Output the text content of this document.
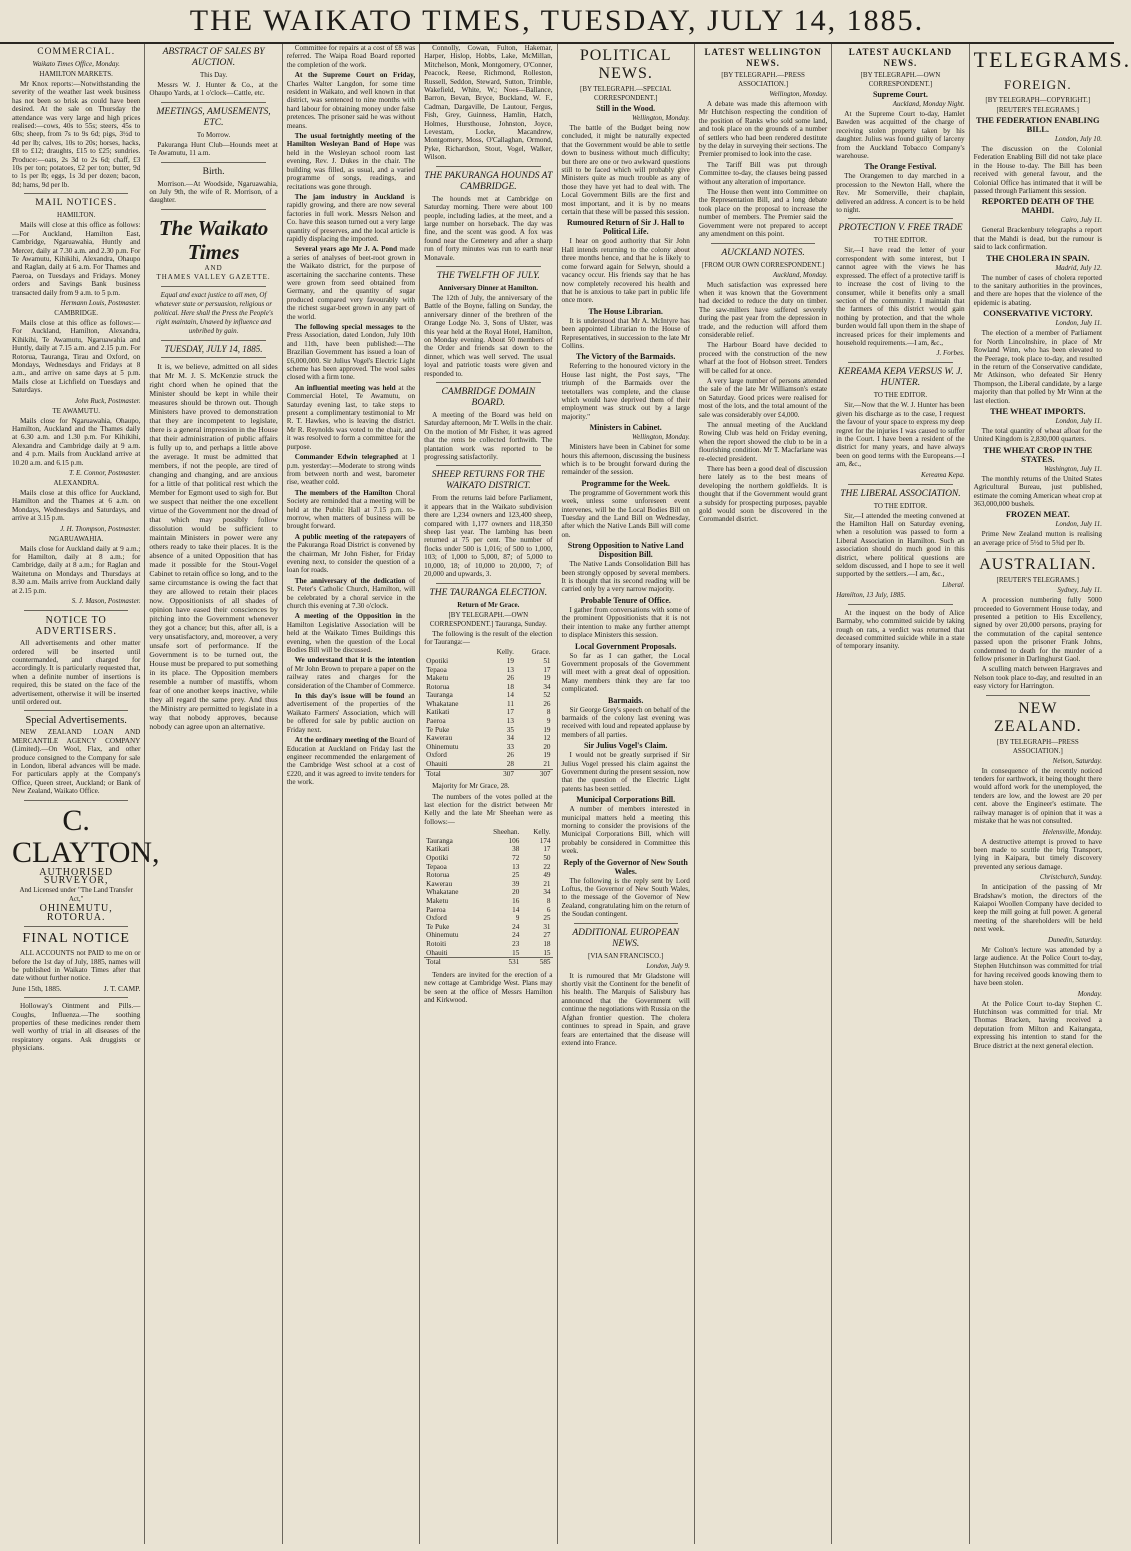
THE WAIKATO TIMES, TUESDAY, JULY 14, 1885.
COMMERCIAL.
Waikato Times Office, Monday.
HAMILTON MARKETS.

Mr Knox reports:—Notwithstanding the severity of the weather last week business has not been so brisk as could have been desired. At the sale on Thursday the attendance was very large and high prices realised:—cows, 40s to 55s; steers, 45s to 60s; sheep, from 7s to 9s 6d; pigs, 3½d to 4d per lb; calves, 10s to 20s; horses, hacks, £8 to £12; draughts, £15 to £25; sundries. Produce:—oats, 2s 3d to 2s 6d; chaff, £3 10s per ton; potatoes, £2 per ton; butter, 9d to 1s per lb; eggs, 1s 3d per dozen; bacon, 8d; hams, 9d per lb.

MAIL NOTICES.
HAMILTON.

Mails will close at this office as follows:—For Auckland, Hamilton East, Cambridge, Ngaruawahia, Huntly and Mercer, daily at 7.30 a.m. and 2.30 p.m. For Te Awamutu, Kihikihi, Alexandra, Ohaupo and Raglan, daily at 6 a.m. For Thames and Paeroa, on Tuesdays and Fridays. Money orders and Savings Bank business transacted daily from 9 a.m. to 5 p.m.

Hermann Louis, Postmaster.
CAMBRIDGE.

Mails close at this office as follows:—For Auckland, Hamilton, Alexandra, Kihikihi, Te Awamutu, Ngaruawahia and Huntly, daily at 7.15 a.m. and 2.15 p.m. For Rotorua, Tauranga, Tirau and Oxford, on Mondays, Wednesdays and Fridays at 8 a.m., and arrive on same days at 5 p.m. Mails close at Lichfield on Tuesdays and Saturdays.

John Ruck, Postmaster.
TE AWAMUTU.

Mails close for Ngaruawahia, Ohaupo, Hamilton, Auckland and the Thames daily at 6.30 a.m. and 1.30 p.m. For Kihikihi, Alexandra and Cambridge daily at 9 a.m. and 4 p.m. Mails from Auckland arrive at 10.20 a.m. and 6.15 p.m.

T. E. Connor, Postmaster.
ALEXANDRA.

Mails close at this office for Auckland, Hamilton and the Thames at 6 a.m. on Mondays, Wednesdays and Saturdays, and arrive at 3.15 p.m.

J. H. Thompson, Postmaster.
NGARUAWAHIA.

Mails close for Auckland daily at 9 a.m.; for Hamilton, daily at 8 a.m.; for Cambridge, daily at 8 a.m.; for Raglan and Waitetuna on Mondays and Thursdays at 8.30 a.m. Mails arrive from Auckland daily at 2.15 p.m.

S. J. Mason, Postmaster.
NOTICE TO ADVERTISERS.

All advertisements and other matter ordered will be inserted until countermanded, and charged for accordingly. It is particularly requested that, when a definite number of insertions is required, this be stated on the face of the advertisement, otherwise it will be inserted until ordered out.

Special Advertisements.

NEW ZEALAND LOAN AND MERCANTILE AGENCY COMPANY (Limited).—On Wool, Flax, and other produce consigned to the Company for sale in London, liberal advances will be made. For particulars apply at the Company's Office, Queen street, Auckland; or Bank of New Zealand, Waikato Office.

C. CLAYTON,
AUTHORISED SURVEYOR,
And Licensed under "The Land Transfer Act,"
OHINEMUTU, ROTORUA.
FINAL NOTICE

ALL ACCOUNTS not PAID to me on or before the 1st day of July, 1885, names will be published in Waikato Times after that date without further notice.

June 15th, 1885.	J. T. CAMP.

Holloway's Ointment and Pills.—Coughs, Influenza.—The soothing properties of these medicines render them well worthy of trial in all diseases of the respiratory organs. Ask druggists or physicians.

ABSTRACT OF SALES BY AUCTION.
This Day.

Messrs W. J. Hunter & Co., at the Ohaupo Yards, at 1 o'clock—Cattle, etc.

MEETINGS, AMUSEMENTS, ETC.
To Morrow.

Pakuranga Hunt Club—Hounds meet at Te Awamutu, 11 a.m.

Birth.

Morrison.—At Woodside, Ngaruawahia, on July 9th, the wife of R. Morrison, of a daughter.

The Waikato Times
AND
THAMES VALLEY GAZETTE.

Equal and exact justice to all men, Of whatever state or persuasion, religious or political. Here shall the Press the People's right maintain, Unawed by influence and unbribed by gain.

TUESDAY, JULY 14, 1885.

It is, we believe, admitted on all sides that Mr M. J. S. McKenzie struck the right chord when he opined that the Minister should be kept in while their measures should be thrown out. Though Ministers have proved to demonstration that they are incompetent to legislate, there is a general impression in the House that their administration of public affairs is fully up to, and perhaps a little above the average. It must be admitted that members, if not the people, are tired of changing and changing, and are anxious for a little of that political rest which the Member for Egmont used to sigh for. But we suspect that neither the one excellent virtue of the Government nor the dread of that which may possibly follow dissolution would be sufficient to maintain Ministers in power were any others ready to take their places. It is the absence of a united Opposition that has made it possible for the Stout-Vogel Cabinet to retain office so long, and to the same circumstance is owing the fact that they are allowed to retain their places now. Oppositionists of all shades of opinion have eased their consciences by pitching into the Government whenever they got a chance; but this, after all, is a very unsatisfactory, and, moreover, a very unsafe sort of performance. If the Government is to be turned out, the House must be prepared to put something in its place. The Opposition members resemble a number of mastiffs, whom fear of one another keeps inactive, while they all regard the same prey. And thus the Ministry are permitted to legislate in a way that nobody approves, because nobody can agree upon an alternative.

Committee for repairs at a cost of £8 was referred. The Waipa Road Board reported the completion of the work.

At the Supreme Court on Friday, Charles Walter Langdon, for some time resident in Waikato, and well known in that district, was sentenced to nine months with hard labour for obtaining money under false pretences. The prisoner said he was without means.

The usual fortnightly meeting of the Hamilton Wesleyan Band of Hope was held in the Wesleyan school room last evening, Rev. J. Dukes in the chair. The building was filled, as usual, and a varied programme of songs, readings, and recitations was gone through.

The jam industry in Auckland is rapidly growing, and there are now several factories in full work. Messrs Nelson and Co. have this season turned out a very large quantity of preserves, and the local article is rapidly displacing the imported.

Several years ago Mr J. A. Pond made a series of analyses of beet-root grown in the Waikato district, for the purpose of ascertaining the saccharine contents. These were grown from seed obtained from Germany, and the quantity of sugar produced compared very favourably with the richest sugar-beet grown in any part of the world.

The following special messages to the Press Association, dated London, July 10th and 11th, have been published:—The Brazilian Government has issued a loan of £6,000,000. Sir Julius Vogel's Electric Light scheme has been approved. The wool sales closed with a firm tone.

An influential meeting was held at the Commercial Hotel, Te Awamutu, on Saturday evening last, to take steps to present a complimentary testimonial to Mr R. T. Hawkes, who is leaving the district. Mr R. Reynolds was voted to the chair, and it was resolved to form a committee for the purpose.

Commander Edwin telegraphed at 1 p.m. yesterday:—Moderate to strong winds from between north and west, barometer rise, weather cold.

The members of the Hamilton Choral Society are reminded that a meeting will be held at the Public Hall at 7.15 p.m. to-morrow, when matters of business will be brought forward.

A public meeting of the ratepayers of the Pakuranga Road District is convened by the chairman, Mr John Fisher, for Friday evening next, to consider the question of a loan for roads.

The anniversary of the dedication of St. Peter's Catholic Church, Hamilton, will be celebrated by a choral service in the church this evening at 7.30 o'clock.

A meeting of the Opposition in the Hamilton Legislative Association will be held at the Waikato Times Buildings this evening, when the question of the Local Bodies Bill will be discussed.

We understand that it is the intention of Mr John Brown to prepare a paper on the railway rates and charges for the consideration of the Chamber of Commerce.

In this day's issue will be found an advertisement of the properties of the Waikato Farmers' Association, which will be offered for sale by public auction on Friday next.

At the ordinary meeting of the Board of Education at Auckland on Friday last the engineer recommended the enlargement of the Cambridge West school at a cost of £220, and it was agreed to invite tenders for the work.

Connolly, Cowan, Fulton, Hakemar, Harper, Hislop, Hobbs, Lake, McMillan, Mitchelson, Monk, Montgomery, O'Conner, Peacock, Reese, Richmond, Rolleston, Russell, Seddon, Steward, Sutton, Trimble, Wakefield, White, W.; Noes—Ballance, Barron, Bevan, Bryce, Buckland, W. F., Cadman, Dargaville, De Lautour, Fergus, Fish, Grey, Guinness, Hamlin, Hatch, Holmes, Hursthouse, Johnston, Joyce, Levestam, Locke, Macandrew, Montgomery, Moss, O'Callaghan, Ormond, Pyke, Richardson, Stout, Vogel, Walker, Wilson.

THE PAKURANGA HOUNDS AT CAMBRIDGE.

The hounds met at Cambridge on Saturday morning. There were about 100 people, including ladies, at the meet, and a large number on horseback. The day was fine, and the scent was good. A fox was found near the Cemetery and after a sharp run of forty minutes was run to earth near Monavale.

THE TWELFTH OF JULY.
Anniversary Dinner at Hamilton.

The 12th of July, the anniversary of the Battle of the Boyne, falling on Sunday, the anniversary dinner of the brethren of the Orange Lodge No. 3, Sons of Ulster, was this year held at the Royal Hotel, Hamilton, on Monday evening. About 50 members of the Order and friends sat down to the dinner, which was well served. The usual loyal and patriotic toasts were given and responded to.

CAMBRIDGE DOMAIN BOARD.

A meeting of the Board was held on Saturday afternoon, Mr T. Wells in the chair. On the motion of Mr Fisher, it was agreed that the rents be collected forthwith. The plantation work was reported to be progressing satisfactorily.

SHEEP RETURNS FOR THE WAIKATO DISTRICT.

From the returns laid before Parliament, it appears that in the Waikato subdivision there are 1,234 owners and 123,400 sheep, compared with 1,177 owners and 118,350 sheep last year. The lambing has been returned at 75 per cent. The number of flocks under 500 is 1,016; of 500 to 1,000, 103; of 1,000 to 5,000, 87; of 5,000 to 10,000, 18; of 10,000 to 20,000, 7; of 20,000 and upwards, 3.

THE TAURANGA ELECTION.
Return of Mr Grace.
[BY TELEGRAPH.—OWN CORRESPONDENT.] Tauranga, Sunday.

The following is the result of the election for Tauranga:—

	Kelly.	Grace.
Opotiki	19	51
Tepaoa	13	17
Maketu	26	19
Rotorua	18	34
Tauranga	14	52
Whakatane	11	26
Katikati	17	8
Paeroa	13	9
Te Puke	35	19
Kawerau	34	12
Ohinemutu	33	20
Oxford	26	19
Ohauiti	28	21
Total	307	307

Majority for Mr Grace, 28.

The numbers of the votes polled at the last election for the district between Mr Kelly and the late Mr Sheehan were as follows:—

	Sheehan.	Kelly.
Tauranga	106	174
Katikati	38	17
Opotiki	72	50
Tepaoa	13	22
Rotorua	25	49
Kawerau	39	21
Whakatane	20	34
Maketu	16	8
Paeroa	14	6
Oxford	9	25
Te Puke	24	31
Ohinemutu	24	27
Rotoiti	23	18
Ohauiti	15	15
Total	531	585

Tenders are invited for the erection of a new cottage at Cambridge West. Plans may be seen at the office of Messrs Hamilton and Kirkwood.

POLITICAL NEWS.
[BY TELEGRAPH.—SPECIAL CORRESPONDENT.]
Still in the Wood.
Wellington, Monday.

The battle of the Budget being now concluded, it might be naturally expected that the Government would be able to settle down to business without much difficulty; but there are one or two awkward questions still to be faced which will probably give Ministers quite as much trouble as any of those they have yet had to deal with. The Local Government Bills are the first and most important, and it is by no means certain that these will be passed this session.

Rumoured Return of Sir J. Hall to Political Life.

I hear on good authority that Sir John Hall intends returning to the colony about three months hence, and that he is likely to come forward again for Selwyn, should a vacancy occur. His friends say that he has now completely recovered his health and that he is anxious to take part in public life once more.

The House Librarian.

It is understood that Mr A. McIntyre has been appointed Librarian to the House of Representatives, in succession to the late Mr Collins.

The Victory of the Barmaids.

Referring to the honoured victory in the House last night, the Post says, "The triumph of the Barmaids over the teetotallers was complete, and the clause which would have deprived them of their employment was struck out by a large majority."

Ministers in Cabinet.
Wellington, Monday.

Ministers have been in Cabinet for some hours this afternoon, discussing the business which is to be brought forward during the remainder of the session.

Programme for the Week.

The programme of Government work this week, unless some unforeseen event intervenes, will be the Local Bodies Bill on Tuesday and the Land Bill on Wednesday, after which the Native Lands Bill will come on.

Strong Opposition to Native Land Disposition Bill.

The Native Lands Consolidation Bill has been strongly opposed by several members. It is thought that its second reading will be carried only by a very narrow majority.

Probable Tenure of Office.

I gather from conversations with some of the prominent Oppositionists that it is not their intention to make any further attempt to displace Ministers this session.

Local Government Proposals.

So far as I can gather, the Local Government proposals of the Government will meet with a great deal of opposition. Many members think they are far too complicated.

Barmaids.

Sir George Grey's speech on behalf of the barmaids of the colony last evening was received with loud and repeated applause by members of all parties.

Sir Julius Vogel's Claim.

I would not be greatly surprised if Sir Julius Vogel pressed his claim against the Government during the present session, now that the question of the Electric Light patents has been settled.

Municipal Corporations Bill.

A number of members interested in municipal matters held a meeting this morning to consider the provisions of the Municipal Corporations Bill, which will probably be considered in Committee this week.

Reply of the Governor of New South Wales.

The following is the reply sent by Lord Loftus, the Governor of New South Wales, to the message of the Governor of New Zealand, congratulating him on the return of the Soudan contingent.

ADDITIONAL EUROPEAN NEWS.
[VIA SAN FRANCISCO.]
London, July 9.

It is rumoured that Mr Gladstone will shortly visit the Continent for the benefit of his health. The Marquis of Salisbury has announced that the Government will continue the negotiations with Russia on the Afghan frontier question. The cholera continues to spread in Spain, and grave fears are entertained that the disease will extend into France.

LATEST WELLINGTON NEWS.
[BY TELEGRAPH.—PRESS ASSOCIATION.]
Wellington, Monday.

A debate was made this afternoon with Mr Hutchison respecting the condition of the position of Ranks who sold some land, and took place on the grounds of a number of settlers who had been rendered destitute by the delay in surveying their sections. The Premier promised to look into the case.

The Tariff Bill was put through Committee to-day, the clauses being passed without any alteration of importance.

The House then went into Committee on the Representation Bill, and a long debate took place on the proposal to increase the number of members. The Premier said the Government were not prepared to accept any amendment on this point.

AUCKLAND NOTES.
[FROM OUR OWN CORRESPONDENT.]
Auckland, Monday.

Much satisfaction was expressed here when it was known that the Government had decided to reduce the duty on timber. The saw-millers have suffered severely during the past year from the depression in trade, and the reduction will afford them considerable relief.

The Harbour Board have decided to proceed with the construction of the new wharf at the foot of Hobson street. Tenders will be called for at once.

A very large number of persons attended the sale of the late Mr Williamson's estate on Saturday. Good prices were realised for most of the lots, and the total amount of the sale was considerably over £4,000.

The annual meeting of the Auckland Rowing Club was held on Friday evening, when the report showed the club to be in a flourishing condition. Mr T. Macfarlane was re-elected president.

There has been a good deal of discussion here lately as to the best means of developing the northern goldfields. It is thought that if the Government would grant a subsidy for prospecting purposes, payable gold would soon be discovered in the Coromandel district.

LATEST AUCKLAND NEWS.
[BY TELEGRAPH.—OWN CORRESPONDENT.]
Supreme Court.
Auckland, Monday Night.

At the Supreme Court to-day, Hamlet Bawden was acquitted of the charge of receiving stolen property taken by his daughter. Julius was found guilty of larceny from the Auckland Tobacco Company's warehouse.

The Orange Festival.

The Orangemen to day marched in a procession to the Newton Hall, where the Rev. Mr Somerville, their chaplain, delivered an address. A concert is to be held to night.

PROTECTION V. FREE TRADE
TO THE EDITOR.

Sir,—I have read the letter of your correspondent with some interest, but I cannot agree with the views he has expressed. The effect of a protective tariff is to increase the cost of living to the consumer, while it benefits only a small section of the community. I maintain that the farmers of this district would gain nothing by protection, and that the whole burden would fall upon them in the shape of increased prices for their implements and household requirements.—I am, &c.,

J. Forbes.
KEREAMA KEPA VERSUS W. J. HUNTER.
TO THE EDITOR.

Sir,—Now that the W. J. Hunter has been given his discharge as to the case, I request the favour of your space to express my deep regret for the injuries I was caused to suffer in the Court. I have been a resident of the district for many years, and have always been on good terms with the Europeans.—I am, &c.,

Kereama Kepa.
THE LIBERAL ASSOCIATION.
TO THE EDITOR.

Sir,—I attended the meeting convened at the Hamilton Hall on Saturday evening, when a resolution was passed to form a Liberal Association in Hamilton. Such an association should do much good in this district, where political questions are seldom discussed, and I hope to see it well supported by the settlers.—I am, &c.,

Liberal.
Hamilton, 13 July, 1885.

At the inquest on the body of Alice Barmaby, who committed suicide by taking rough on rats, a verdict was returned that deceased committed suicide while in a state of temporary insanity.

TELEGRAMS.
FOREIGN.
[BY TELEGRAPH—COPYRIGHT.]
[REUTER'S TELEGRAMS.]
THE FEDERATION ENABLING BILL.
London, July 10.

The discussion on the Colonial Federation Enabling Bill did not take place in the House to-day. The Bill has been received with general favour, and the Colonial Office has intimated that it will be passed through Parliament this session.

REPORTED DEATH OF THE MAHDI.
Cairo, July 11.

General Brackenbury telegraphs a report that the Mahdi is dead, but the rumour is said to lack confirmation.

THE CHOLERA IN SPAIN.
Madrid, July 12.

The number of cases of cholera reported to the sanitary authorities in the provinces, and there are hopes that the violence of the epidemic is abating.

CONSERVATIVE VICTORY.
London, July 11.

The election of a member of Parliament for North Lincolnshire, in place of Mr Rowland Winn, who has been elevated to the Peerage, took place to-day, and resulted in the return of the Conservative candidate, Mr Atkinson, who defeated Sir Henry Thompson, the Liberal candidate, by a large majority than that polled by Mr Winn at the last election.

THE WHEAT IMPORTS.
London, July 11.

The total quantity of wheat afloat for the United Kingdom is 2,830,000 quarters.

THE WHEAT CROP IN THE STATES.
Washington, July 11.

The monthly returns of the United States Agricultural Bureau, just published, estimate the coming American wheat crop at 363,000,000 bushels.

FROZEN MEAT.
London, July 11.

Prime New Zealand mutton is realising an average price of 5½d to 5¾d per lb.

AUSTRALIAN.
[REUTER'S TELEGRAMS.]
Sydney, July 11.

A procession numbering fully 5000 proceeded to Government House today, and presented a petition to His Excellency, signed by over 20,000 persons, praying for the commutation of the capital sentence passed upon the prisoner Frank Johns, condemned to death for the murder of a fellow prisoner in Darlinghurst Gaol.

A sculling match between Hargraves and Nelson took place to-day, and resulted in an easy victory for Harrington.

NEW ZEALAND.
[BY TELEGRAPH—PRESS ASSOCIATION.]
Nelson, Saturday.

In consequence of the recently noticed tenders for earthwork, it being thought there would afford work for the unemployed, the tenders are low, and the lowest are 20 per cent. above the Engineer's estimate. The railway manager is of opinion that it was a mistake that he was not consulted.

Helensville, Monday.

A destructive attempt is proved to have been made to scuttle the brig Transport, lying in Kaipara, but timely discovery prevented any serious damage.

Christchurch, Sunday.

In anticipation of the passing of Mr Bradshaw's motion, the directors of the Kaiapoi Woollen Company have decided to keep the mill going at full power. A general meeting of the shareholders will be held next week.

Dunedin, Saturday.

Mr Colton's lecture was attended by a large audience. At the Police Court to-day, Stephen Hutchinson was committed for trial for having received goods knowing them to have been stolen.

Monday.

At the Police Court to-day Stephen C. Hutchinson was committed for trial. Mr Thomas Bracken, having received a deputation from Milton and Kaitangata, expressing his intention to stand for the Bruce district at the next general election.
